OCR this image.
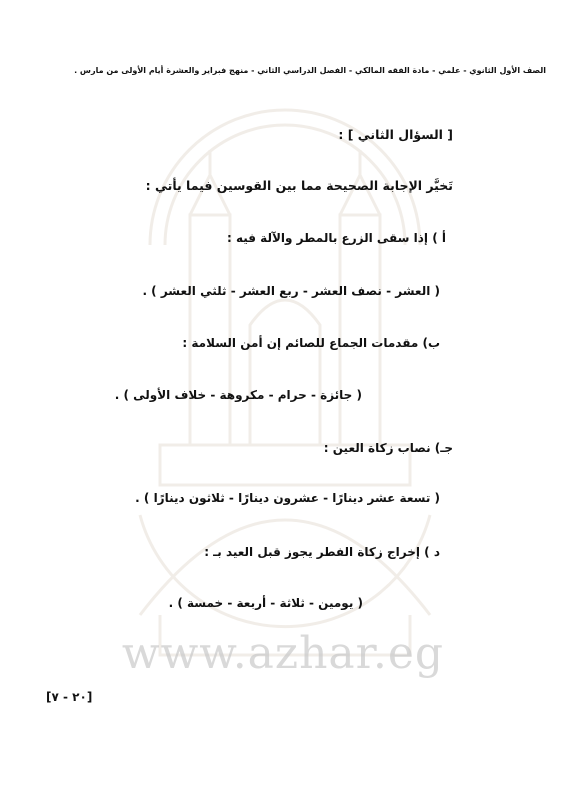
www.azhar.eg
الصف الأول الثانوي - علمي - مادة الفقه المالكي - الفصل الدراسي الثاني - منهج فبراير والعشرة أيام الأولى من مارس .
[ السؤال الثاني ] :
تَخيَّر الإجابة الصحيحة مما بين القوسين فيما يأتي :
أ ) إذا سقى الزرع بالمطر والآلة فيه :
( العشر - نصف العشر - ربع العشر - ثلثي العشر ) .
ب) مقدمات الجماع للصائم إن أمن السلامة :
( جائزة - حرام - مكروهة - خلاف الأولى ) .
جـ) نصاب زكاة العين :
( تسعة عشر دينارًا - عشرون دينارًا - ثلاثون دينارًا ) .
د ) إخراج زكاة الفطر يجوز قبل العيد بـ :
( يومين - ثلاثة - أربعة - خمسة ) .
[٢٠ - ٧]
